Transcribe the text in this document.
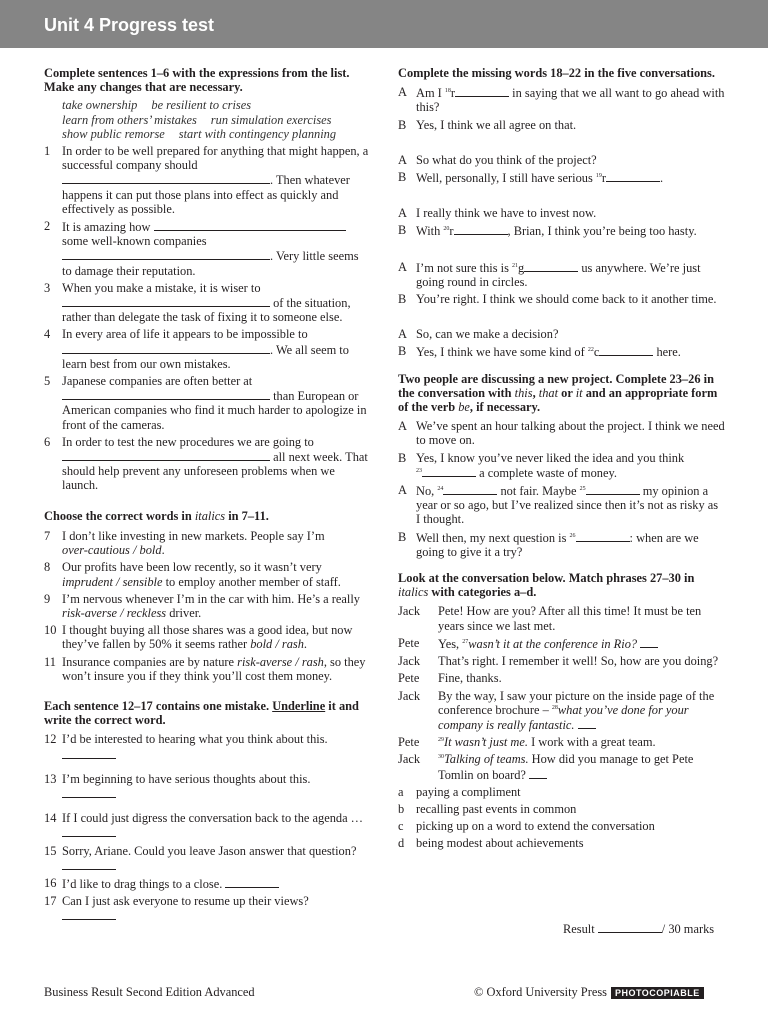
Unit 4 Progress test

Complete sentences 1–6 with the expressions from the list. Make any changes that are necessary.

take ownership be resilient to crises
learn from others’ mistakes run simulation exercises
show public remorse start with contingency planning
1 In order to be well prepared for anything that might happen, a successful company should
. Then whatever happens it can put those plans into effect as quickly and effectively as possible.
2 It is amazing how
some well-known companies
. Very little seems to damage their reputation.
3 When you make a mistake, it is wiser to
of the situation, rather than delegate the task of fixing it to someone else.
4 In every area of life it appears to be impossible to
. We all seem to learn best from our own mistakes.
5 Japanese companies are often better at
than European or American companies who find it much harder to apologize in front of the cameras.
6 In order to test the new procedures we are going to
all next week. That should help prevent any unforeseen problems when we launch.

Choose the correct words in italics in 7–11.

7 I don’t like investing in new markets. People say I’m
over-cautious / bold.
8 Our profits have been low recently, so it wasn’t very
imprudent / sensible to employ another member of staff.
9 I’m nervous whenever I’m in the car with him. He’s a really risk-averse / reckless driver.
10 I thought buying all those shares was a good idea, but now they’ve fallen by 50% it seems rather bold / rash.
11 Insurance companies are by nature risk-averse / rash, so they won’t insure you if they think you’ll cost them money.

Each sentence 12–17 contains one mistake. Underline it and write the correct word.

12 I’d be interested to hearing what you think about this.

13 I’m beginning to have serious thoughts about this.

14 If I could just digress the conversation back to the agenda …
15 Sorry, Ariane. Could you leave Jason answer that question?
16 I’d like to drag things to a close.
17 Can I just ask everyone to resume up their views?

Complete the missing words 18–22 in the five conversations.

A Am I $^{18}$r	in saying that we all want to go ahead with this?
B Yes, I think we all agree on that.
A So what do you think of the project?
B Well, personally, I still have serious $^{19}$r	.
A I really think we have to invest now.
B With $^{20}$r	, Brian, I think you’re being too hasty.
A I’m not sure this is $^{21}$g	us anywhere. We’re just going round in circles.
B You’re right. I think we should come back to it another time.
A So, can we make a decision?
B Yes, I think we have some kind of $^{22}$c	here.

Two people are discussing a new project. Complete 23–26 in the conversation with this, that or it and an appropriate form of the verb be, if necessary.

A We’ve spent an hour talking about the project. I think we need to move on.
B Yes, I know you’ve never liked the idea and you think
$^{23}$	a complete waste of money.
A No, $^{24}$	not fair. Maybe $^{25}$	my opinion a year or so ago, but I’ve realized since then it’s not as risky as I thought.
B Well then, my next question is $^{26}$	: when are we going to give it a try?

Look at the conversation below. Match phrases 27–30 in italics with categories a–d.

Jack Pete! How are you? After all this time! It must be ten years since we last met.
Pete Yes, $^{27}$wasn’t it at the conference in Rio?
Jack That’s right. I remember it well! So, how are you doing?
Pete Fine, thanks.
Jack By the way, I saw your picture on the inside page of the conference brochure – $^{28}$what you’ve done for your company is really fantastic.
Pete	$^{29}$It wasn’t just me. I work with a great team.
Jack	$^{30}$Talking of teams. How did you manage to get Pete Tomlin on board?
a paying a compliment
b recalling past events in common
c picking up on a word to extend the conversation
d being modest about achievements
Result	/ 30 marks
Business Result Second Edition Advanced	© Oxford University Press PHOTOCOPIABLE
